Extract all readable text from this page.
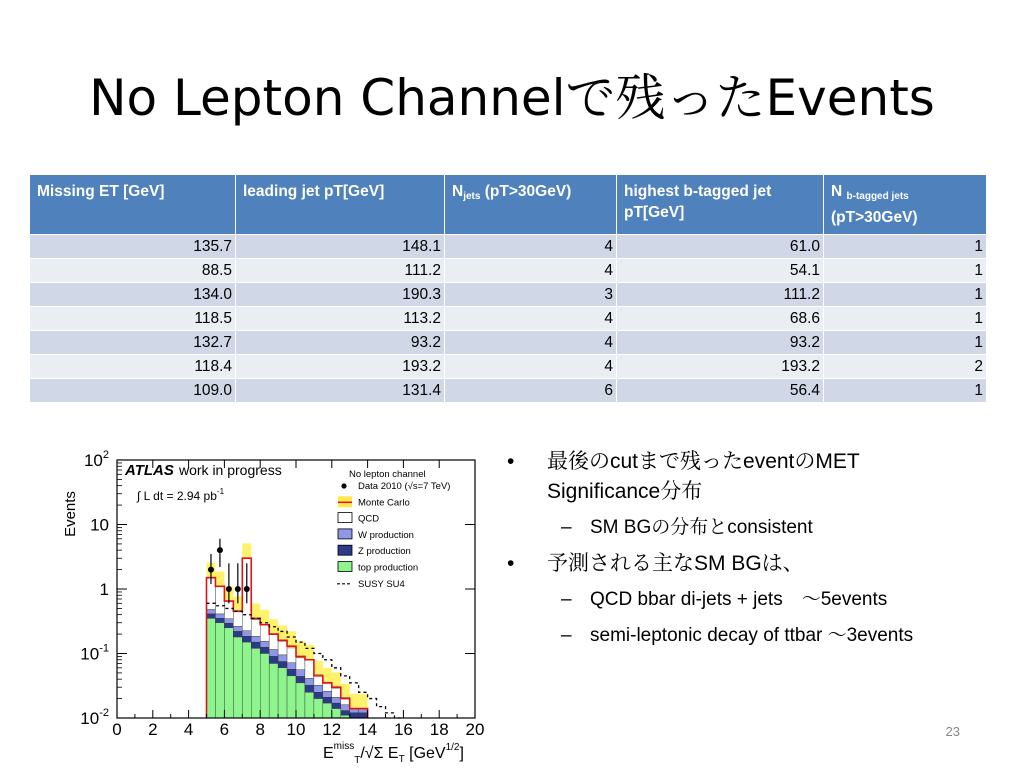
No Lepton Channelで残ったEvents
Missing ET [GeV]	leading jet pT[GeV]	$N_{jets}$ (pT>30GeV)	highest b-tagged jet pT[GeV]	N $_{b-tagged jets}$
(pT>30GeV)
135.7	148.1	4	61.0	1
88.5	111.2	4	54.1	1
134.0	190.3	3	111.2	1
118.5	113.2	4	68.6	1
132.7	93.2	4	93.2	1
118.4	193.2	4	193.2	2
109.0	131.4	6	56.4	1
0 2 4 6 8 10 12 14 16 18 20
$10^2$
10
1
$10^{-1}$
$10^{-2}$
Events
$E^{miss}_T/√\Sigma$ $E_T$ [GeV$^{1/2}$]
ATLAS work in progress
∫ L dt = 2.94 $pb^{-1}$
No lepton channel
Data 2010 (√s=7 TeV)
Monte Carlo
QCD
W production
Z production
top production
SUSY SU4
• 最後のcutまで残ったeventのMET Significance分布
– SM BGの分布とconsistent
• 予測される主なSM BGは、
– QCD bbar di-jets + jets　～5events
– semi-leptonic decay of ttbar ～3events
23
